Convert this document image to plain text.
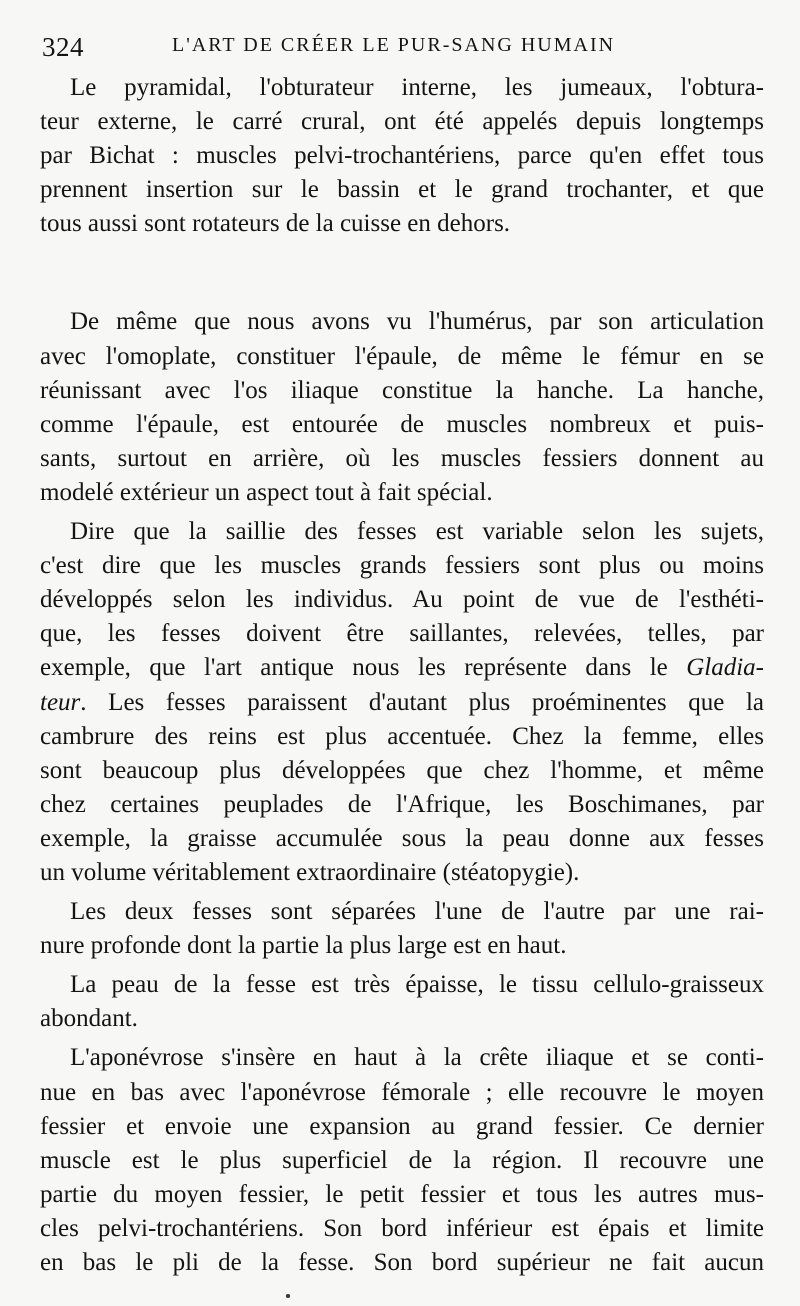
324	L'ART DE CRÉER LE PUR-SANG HUMAIN
Le pyramidal, l'obturateur interne, les jumeaux, l'obtura-
teur externe, le carré crural, ont été appelés depuis longtemps
par Bichat : muscles pelvi-trochantériens, parce qu'en effet tous
prennent insertion sur le bassin et le grand trochanter, et que
tous aussi sont rotateurs de la cuisse en dehors.
De même que nous avons vu l'humérus, par son articulation
avec l'omoplate, constituer l'épaule, de même le fémur en se
réunissant avec l'os iliaque constitue la hanche. La hanche,
comme l'épaule, est entourée de muscles nombreux et puis-
sants, surtout en arrière, où les muscles fessiers donnent au
modelé extérieur un aspect tout à fait spécial.
Dire que la saillie des fesses est variable selon les sujets,
c'est dire que les muscles grands fessiers sont plus ou moins
développés selon les individus. Au point de vue de l'esthéti-
que, les fesses doivent être saillantes, relevées, telles, par
exemple, que l'art antique nous les représente dans le Gladia-
teur. Les fesses paraissent d'autant plus proéminentes que la
cambrure des reins est plus accentuée. Chez la femme, elles
sont beaucoup plus développées que chez l'homme, et même
chez certaines peuplades de l'Afrique, les Boschimanes, par
exemple, la graisse accumulée sous la peau donne aux fesses
un volume véritablement extraordinaire (stéatopygie).
Les deux fesses sont séparées l'une de l'autre par une rai-
nure profonde dont la partie la plus large est en haut.
La peau de la fesse est très épaisse, le tissu cellulo-graisseux
abondant.
L'aponévrose s'insère en haut à la crête iliaque et se conti-
nue en bas avec l'aponévrose fémorale ; elle recouvre le moyen
fessier et envoie une expansion au grand fessier. Ce dernier
muscle est le plus superficiel de la région. Il recouvre une
partie du moyen fessier, le petit fessier et tous les autres mus-
cles pelvi-trochantériens. Son bord inférieur est épais et limite
en bas le pli de la fesse. Son bord supérieur ne fait aucun
